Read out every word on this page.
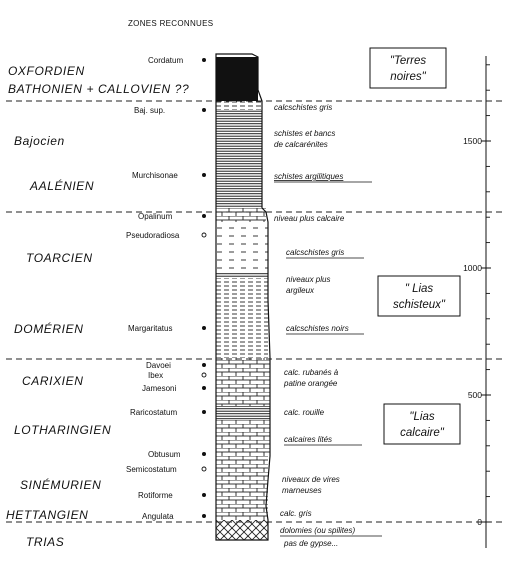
ZONES RECONNUES
OXFORDIEN
BATHONIEN + CALLOVIEN ??
Bajocien
AALÉNIEN
TOARCIEN
DOMÉRIEN
CARIXIEN
LOTHARINGIEN
SINÉMURIEN
HETTANGIEN
TRIAS
Cordatum
Baj. sup.
Murchisonae
Opalinum
Pseudoradiosa
Margaritatus
Davoei
Ibex
Jamesoni
Raricostatum
Obtusum
Semicostatum
Rotiforme
Angulata
calcschistes gris
schistes et bancs
de calcarénites
schistes argilitiques
niveau plus calcaire
calcschistes gris
niveaux plus
argileux
calcschistes noirs
calc. rubanés à
patine orangée
calc. rouille
calcaires lités
niveaux de vires
marneuses
calc. gris
dolomies (ou spilites)
pas de gypse...
"Terres
noires"
" Lias
schisteux"
"Lias
calcaire"
1500
1000
500
0
